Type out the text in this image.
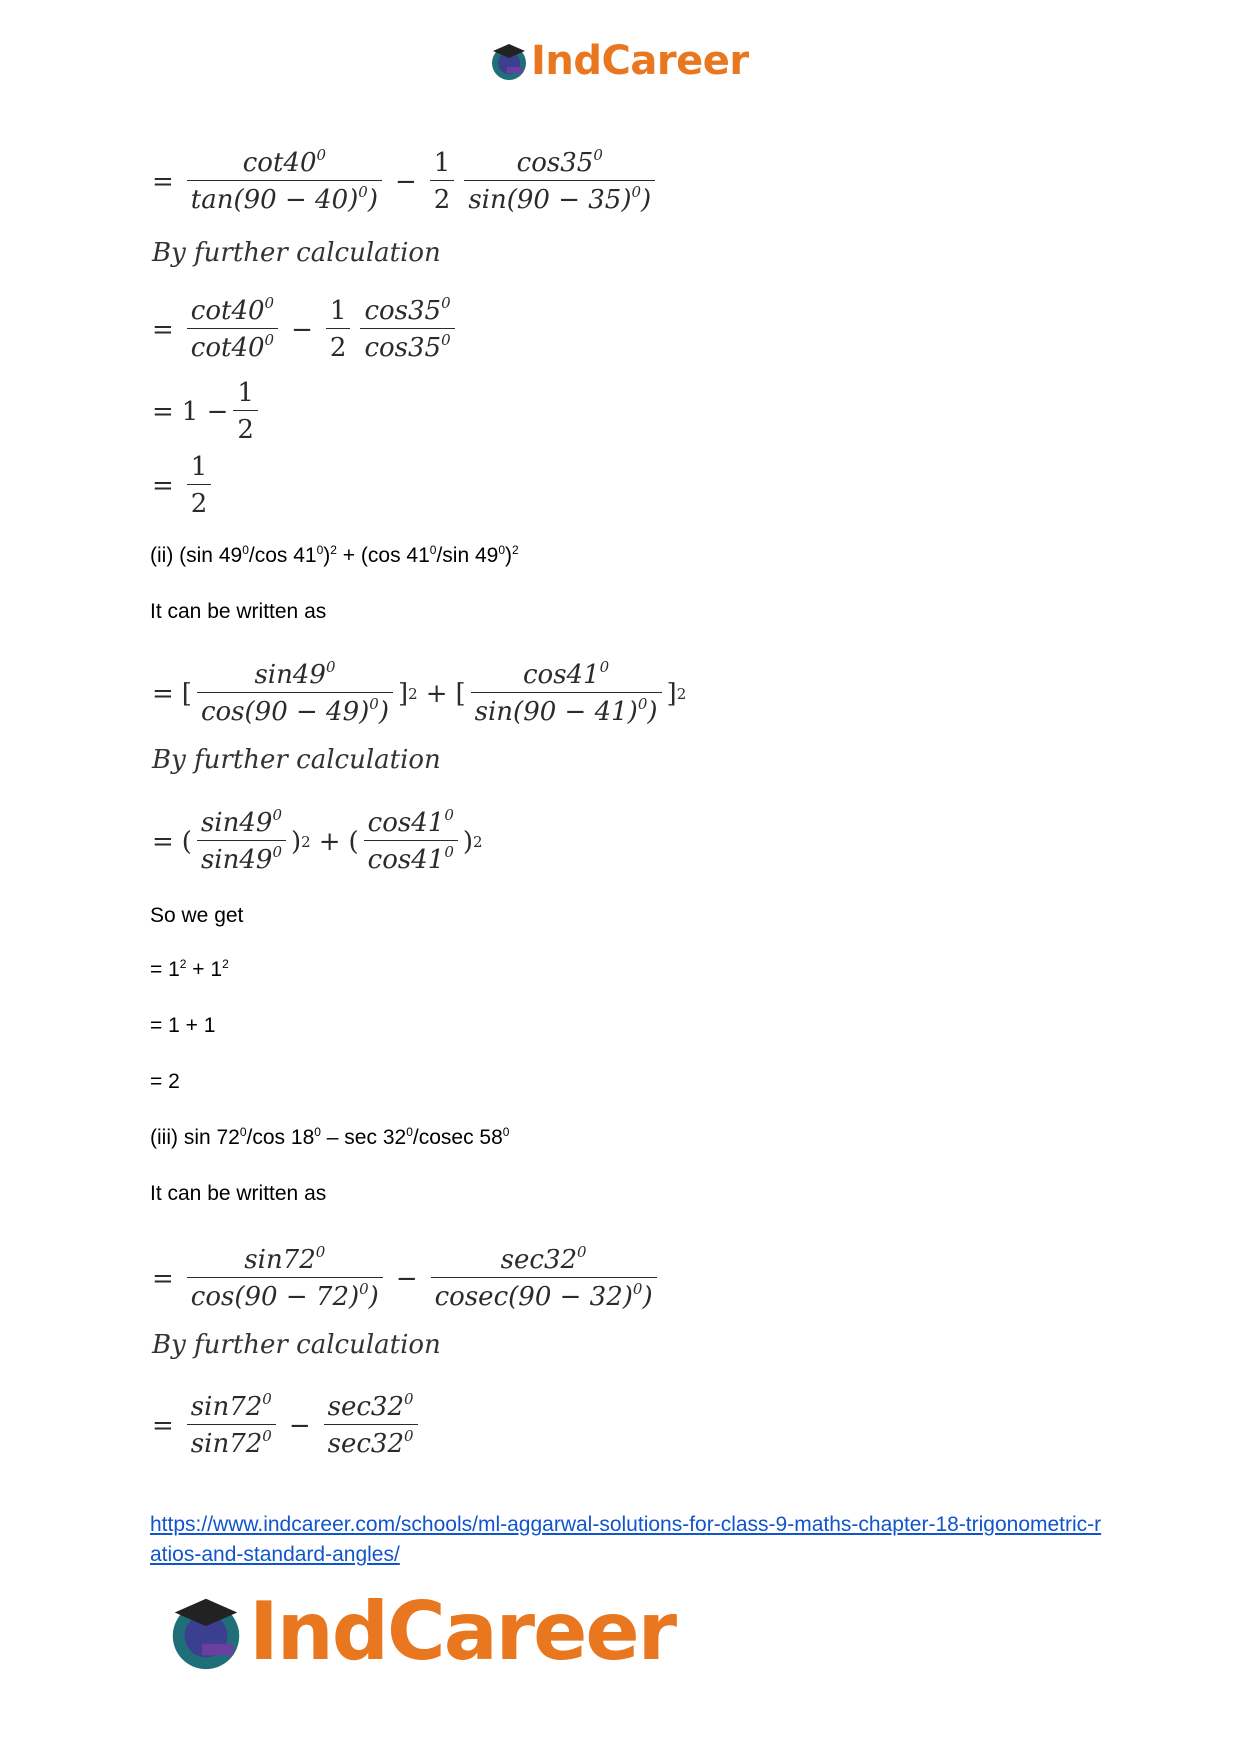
IndCareer
= $\frac{\cot 40^0}{\tan(90 - 40)^0)} - \frac{1}{2} \frac{\cos 35^0}{\sin(90 - 35)^0)}$
By further calculation
= $\frac{\cot 40^0}{\cot 40^0} - \frac{1}{2} \frac{\cos 35^0}{\cos 35^0}$
= $1 - \frac{1}{2}$
= $\frac{1}{2}$
(ii) (sin $49^0/\cos$ $41^0)^2 + (\cos$ $41^0/\sin$ $49^0)^2$
It can be written as
= [ $\frac{\sin 49^0}{\cos(90 - 49)^0)}$ ] 2 + [ $\frac{\cos 41^0}{\sin(90 - 41)^0)}$ ] 2
By further calculation
= ( $\frac{\sin 49^0}{\sin 49^0}$ ) 2 + ( $\frac{\cos 41^0}{\cos 41^0}$ ) 2
So we get
= $1^2 + 1^2$
= 1 + 1
= 2
(iii) $\sin 72^0/\cos$ $18^0$ – $\sec 32^0$/cosec $58^0$
It can be written as
= $\frac{\sin 72^0}{\cos(90 - 72)^0)} - \frac{\sec 32^0}{cosec(90 - 32)^0)}$
By further calculation
= $\frac{\sin 72^0}{\sin 72^0} - \frac{\sec 32^0}{\sec 32^0}$
https://www.indcareer.com/schools/ml-aggarwal-solutions-for-class-9-maths-chapter-18-trigonometric-ratios-and-standard-angles/
IndCareer
